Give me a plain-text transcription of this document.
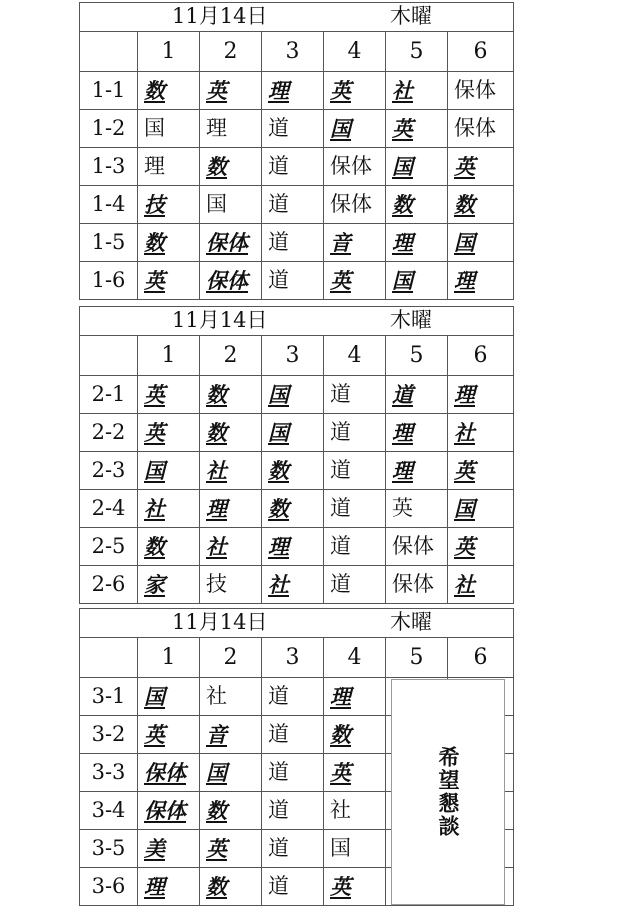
11月14日 木曜						

	1	2	3	4	5	6
1-1	数	英	理	英	社	保体
1-2	国	理	道	国	英	保体
1-3	理	数	道	保体	国	英
1-4	技	国	道	保体	数	数
1-5	数	保体	道	音	理	国
1-6	英	保体	道	英	国	理
11月14日 木曜						

	1	2	3	4	5	6
2-1	英	数	国	道	道	理
2-2	英	数	国	道	理	社
2-3	国	社	数	道	理	英
2-4	社	理	数	道	英	国
2-5	数	社	理	道	保体	英
2-6	家	技	社	道	保体	社
11月14日 木曜						

	1	2	3	4	5	6
3-1	国	社	道	理		
3-2	英	音	道	数		
3-3	保体	国	道	英		
3-4	保体	数	道	社		
3-5	美	英	道	国		
3-6	理	数	道	英		
希望懇談
